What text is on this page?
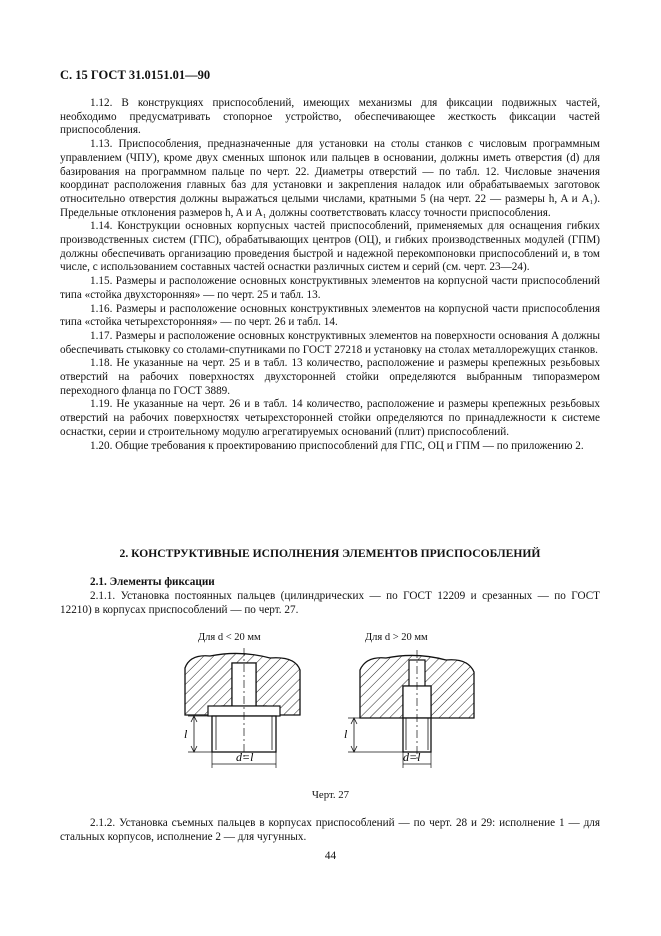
С. 15 ГОСТ 31.0151.01—90

1.12. В конструкциях приспособлений, имеющих механизмы для фиксации подвижных частей, необходимо предусматривать стопорное устройство, обеспечивающее жесткость фиксации частей приспособления.

1.13. Приспособления, предназначенные для установки на столы станков с числовым программным управлением (ЧПУ), кроме двух сменных шпонок или пальцев в основании, должны иметь отверстия (d) для базирования на программном пальце по черт. 22. Диаметры отверстий — по табл. 12. Числовые значения координат расположения главных баз для установки и закрепления наладок или обрабатываемых заготовок относительно отверстия должны выражаться целыми числами, кратными 5 (на черт. 22 — размеры h, A и A₁). Предельные отклонения размеров h, A и A₁ должны соответствовать классу точности приспособления.

1.14. Конструкции основных корпусных частей приспособлений, применяемых для оснащения гибких производственных систем (ГПС), обрабатывающих центров (ОЦ), и гибких производственных модулей (ГПМ) должны обеспечивать организацию проведения быстрой и надежной перекомпоновки приспособлений и, в том числе, с использованием составных частей оснастки различных систем и серий (см. черт. 23—24).

1.15. Размеры и расположение основных конструктивных элементов на корпусной части приспособлений типа «стойка двухсторонняя» — по черт. 25 и табл. 13.

1.16. Размеры и расположение основных конструктивных элементов на корпусной части приспособления типа «стойка четырехсторонняя» — по черт. 26 и табл. 14.

1.17. Размеры и расположение основных конструктивных элементов на поверхности основания А должны обеспечивать стыковку со столами-спутниками по ГОСТ 27218 и установку на столах металлорежущих станков.

1.18. Не указанные на черт. 25 и в табл. 13 количество, расположение и размеры крепежных резьбовых отверстий на рабочих поверхностях двухсторонней стойки определяются выбранным типоразмером переходного фланца по ГОСТ 3889.

1.19. Не указанные на черт. 26 и в табл. 14 количество, расположение и размеры крепежных резьбовых отверстий на рабочих поверхностях четырехсторонней стойки определяются по принадлежности к системе оснастки, серии и строительному модулю агрегатируемых оснований (плит) приспособлений.

1.20. Общие требования к проектированию приспособлений для ГПС, ОЦ и ГПМ — по приложению 2.

2. КОНСТРУКТИВНЫЕ ИСПОЛНЕНИЯ ЭЛЕМЕНТОВ ПРИСПОСОБЛЕНИЙ
2.1. Элементы фиксации

2.1.1. Установка постоянных пальцев (цилиндрических — по ГОСТ 12209 и срезанных — по ГОСТ 12210) в корпусах приспособлений — по черт. 27.

Для d < 20 мм	Для d > 20 мм
l
d=l
l
d=l
Черт. 27

2.1.2. Установка съемных пальцев в корпусах приспособлений — по черт. 28 и 29: исполнение 1 — для стальных корпусов, исполнение 2 — для чугунных.

44
